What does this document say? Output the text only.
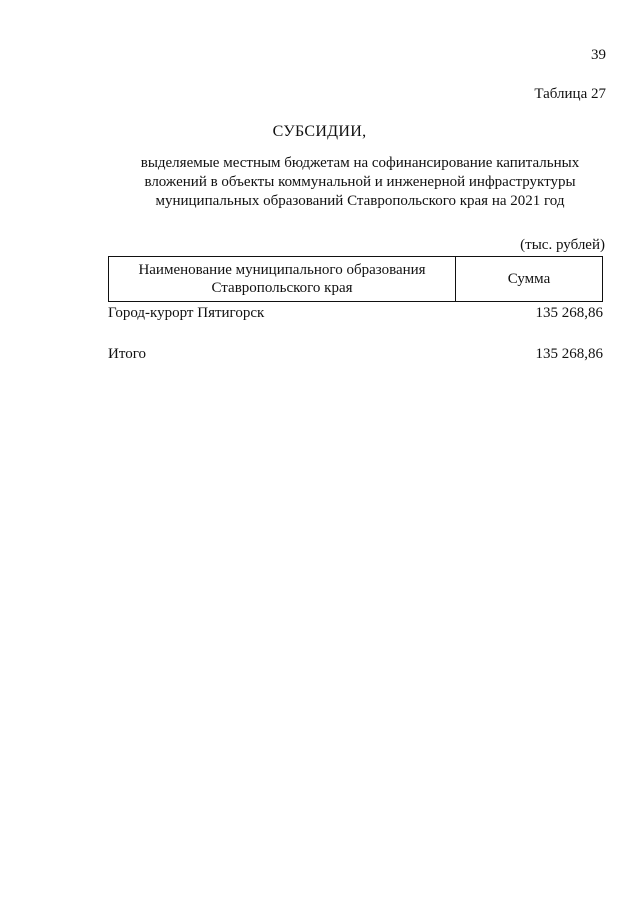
39
Таблица 27
СУБСИДИИ,
выделяемые местным бюджетам на софинансирование капитальных
вложений в объекты коммунальной и инженерной инфраструктуры
муниципальных образований Ставропольского края на 2021 год
(тыс. рублей)
Наименование муниципального образования
Ставропольского края
Сумма
Город-курорт Пятигорск	135 268,86
Итого	135 268,86
